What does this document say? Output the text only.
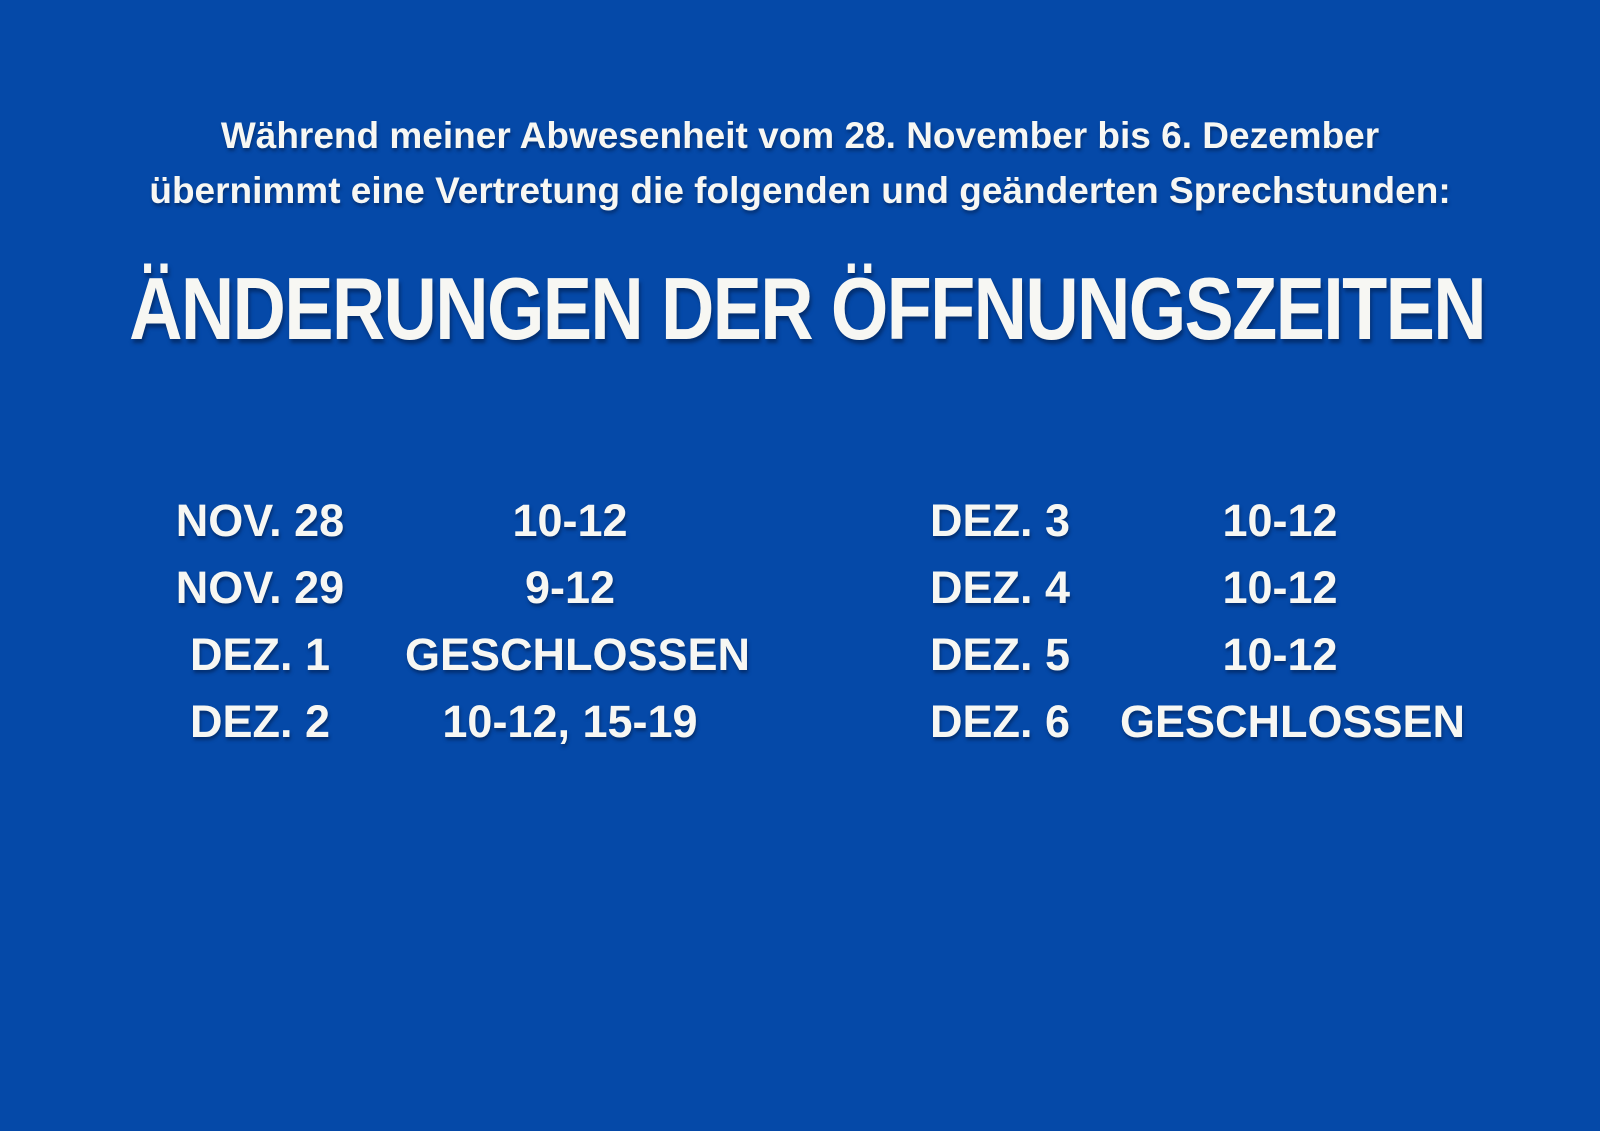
Während meiner Abwesenheit vom 28. November bis 6. Dezember
übernimmt eine Vertretung die folgenden und geänderten Sprechstunden:
ÄNDERUNGEN DER ÖFFNUNGSZEITEN
NOV. 28	10-12
NOV. 29	9-12
DEZ. 1	GESCHLOSSEN
DEZ. 2	10-12, 15-19
DEZ. 3	10-12
DEZ. 4	10-12
DEZ. 5	10-12
DEZ. 6	GESCHLOSSEN
